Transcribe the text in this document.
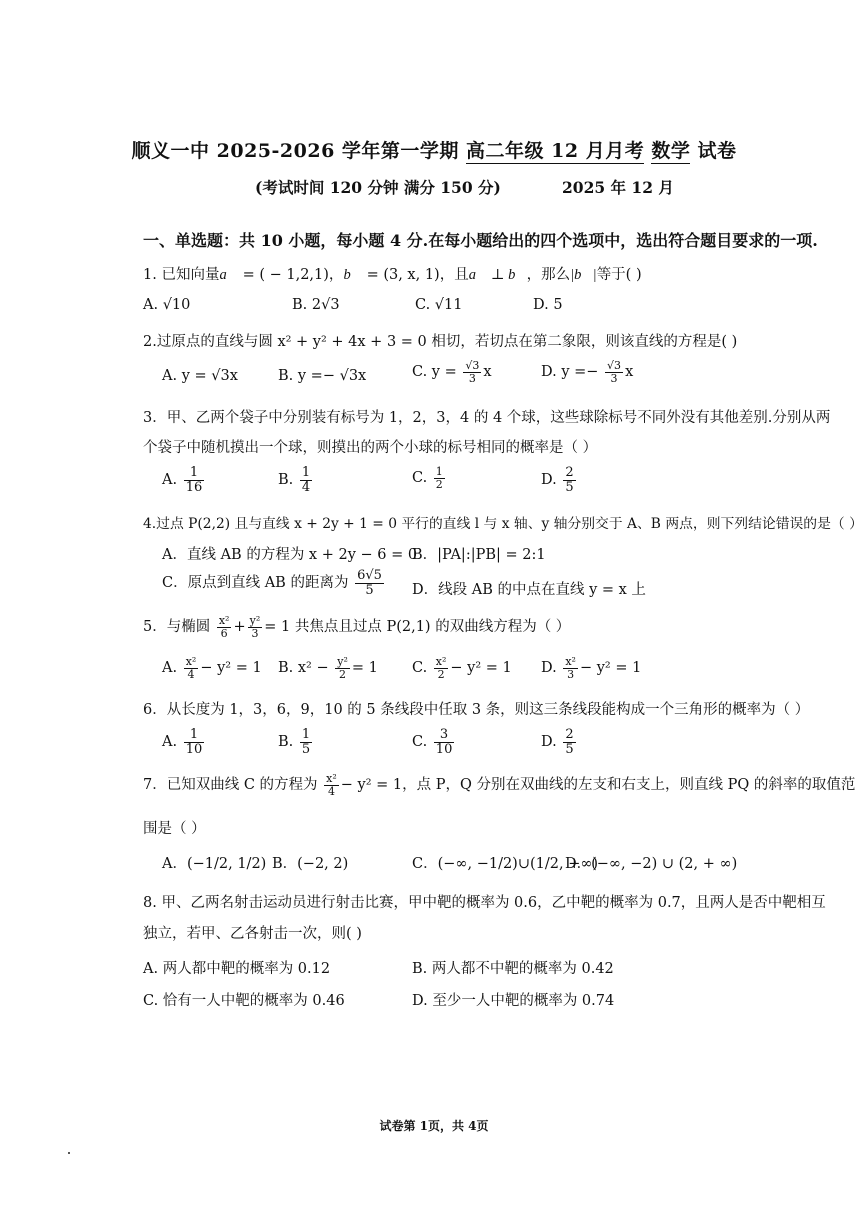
顺义一中 2025-2026 学年第一学期 高二年级 12 月月考 数学 试卷
(考试时间 120 分钟 满分 150 分)	2025 年 12 月
一、单选题：共 10 小题，每小题 4 分.在每小题给出的四个选项中，选出符合题目要求的一项.
1. 已知向量a⃗ = ( − 1,2,1)，b⃗ = (3, x, 1)，且a⃗ ⊥ b⃗，那么|b⃗|等于( )
A. √10	B. 2√3	C. √11	D. 5
2.过原点的直线与圆 x² + y² + 4x + 3 = 0 相切，若切点在第二象限，则该直线的方程是( )
A. y = √3x	B. y =− √3x	C. $y = \frac{√3}{3}$ x	D. $y =- \frac{√3}{3}$ x
3．甲、乙两个袋子中分别装有标号为 1，2，3，4 的 4 个球，这些球除标号不同外没有其他差别.分别从两
个袋子中随机摸出一个球，则摸出的两个小球的标号相同的概率是（ ）
A. $\frac{1}{16}$	B. $\frac{1}{4}$	C. $\frac{1}{2}$	D. $\frac{2}{5}$
4.过点 P(2,2) 且与直线 x + 2y + 1 = 0 平行的直线 l 与 x 轴、y 轴分别交于 A、B 两点，则下列结论错误的是（ ）
A．直线 AB 的方程为 x + 2y − 6 = 0
B．|PA|:|PB| = 2:1
C．原点到直线 AB 的距离为 $\frac{6√5}{5}$ D．线段 AB 的中点在直线 y = x 上
5．与椭圆 $\frac{\text{x²}}{6} + \frac{\text{y²}}{3} = 1$ 共焦点且过点 P(2,1) 的双曲线方程为（ ）
A. $\frac{\text{x²}}{4} - y^2 = 1$ B. $x^2 - \frac{\text{y²}}{2} = 1$ C. $\frac{\text{x²}}{2} - y^2 = 1$ D. $\frac{\text{x²}}{3} - y^2 = 1$
6．从长度为 1，3，6，9，10 的 5 条线段中任取 3 条，则这三条线段能构成一个三角形的概率为（ ）
A. $\frac{1}{10}$	B. $\frac{1}{5}$	C. $\frac{3}{10}$	D. $\frac{2}{5}$
7．已知双曲线 C 的方程为 $\frac{\text{x²}}{4} - y^2 = 1$，点 P，Q 分别在双曲线的左支和右支上，则直线 PQ 的斜率的取值范
围是（ ）
A．(−1/2, 1/2) B．(−2, 2)	C．(−∞, −1/2)∪(1/2, +∞)
D．(−∞, −2) ∪ (2, + ∞)
8. 甲、乙两名射击运动员进行射击比赛，甲中靶的概率为 0.6，乙中靶的概率为 0.7，且两人是否中靶相互
独立，若甲、乙各射击一次，则( )
A. 两人都中靶的概率为 0.12	B. 两人都不中靶的概率为 0.42
C. 恰有一人中靶的概率为 0.46	D. 至少一人中靶的概率为 0.74
试卷第 1页，共 4页
